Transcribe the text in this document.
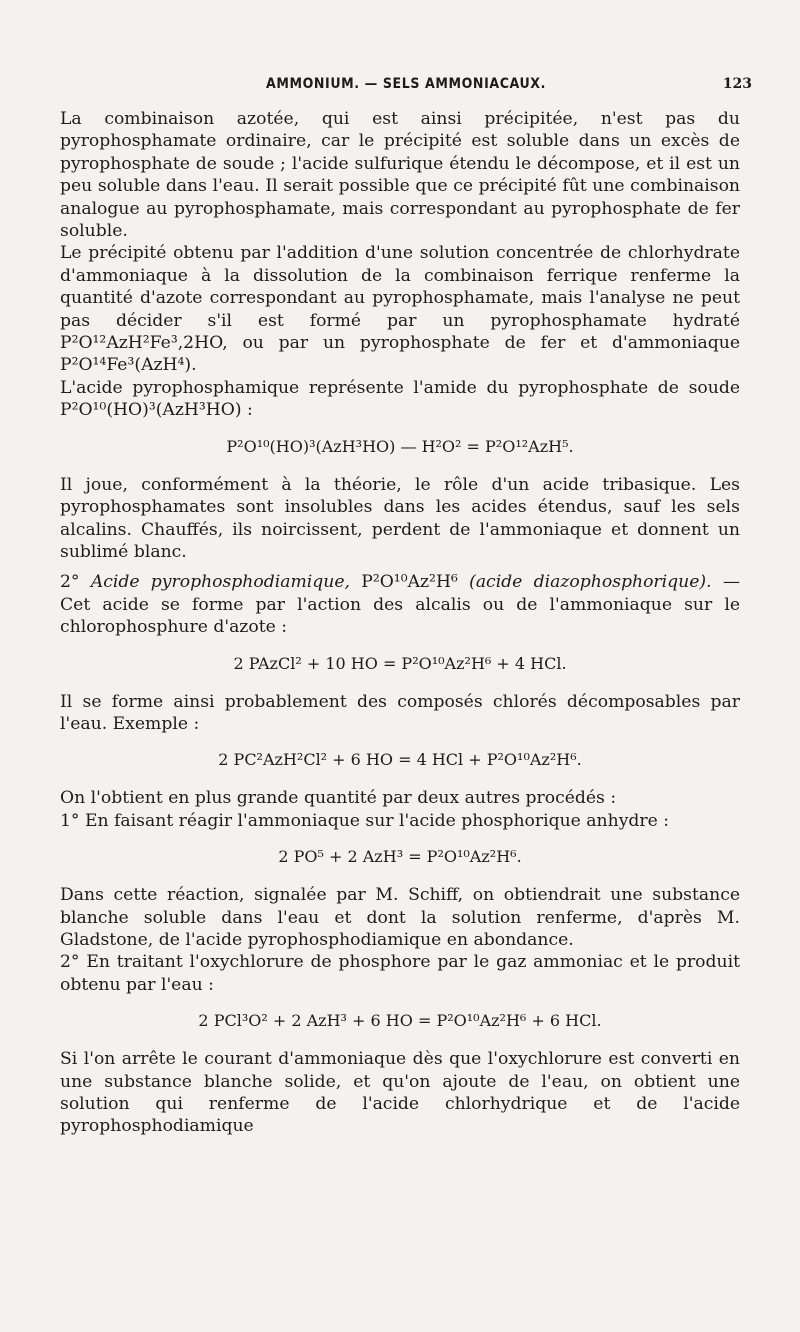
AMMONIUM. — SELS AMMONIACAUX.	123

La combinaison azotée, qui est ainsi précipitée, n'est pas du pyrophosphamate ordinaire, car le précipité est soluble dans un excès de pyrophosphate de soude ; l'acide sulfurique étendu le décompose, et il est un peu soluble dans l'eau. Il serait possible que ce précipité fût une combinaison analogue au pyrophosphamate, mais correspondant au pyrophosphate de fer soluble.

Le précipité obtenu par l'addition d'une solution concentrée de chlorhydrate d'ammoniaque à la dissolution de la combinaison ferrique renferme la quantité d'azote correspondant au pyrophosphamate, mais l'analyse ne peut pas décider s'il est formé par un pyrophosphamate hydraté P²O¹²AzH²Fe³,2HO, ou par un pyrophosphate de fer et d'ammoniaque P²O¹⁴Fe³(AzH⁴).

L'acide pyrophosphamique représente l'amide du pyrophosphate de soude P²O¹⁰(HO)³(AzH³HO) :

P²O¹⁰(HO)³(AzH³HO) — H²O² = P²O¹²AzH⁵.

Il joue, conformément à la théorie, le rôle d'un acide tribasique. Les pyrophosphamates sont insolubles dans les acides étendus, sauf les sels alcalins. Chauffés, ils noircissent, perdent de l'ammoniaque et donnent un sublimé blanc.

2° Acide pyrophosphodiamique, P²O¹⁰Az²H⁶ (acide diazophosphorique). — Cet acide se forme par l'action des alcalis ou de l'ammoniaque sur le chlorophosphure d'azote :

2 PAzCl² + 10 HO = P²O¹⁰Az²H⁶ + 4 HCl.

Il se forme ainsi probablement des composés chlorés décomposables par l'eau. Exemple :

2 PC²AzH²Cl² + 6 HO = 4 HCl + P²O¹⁰Az²H⁶.

On l'obtient en plus grande quantité par deux autres procédés :

1° En faisant réagir l'ammoniaque sur l'acide phosphorique anhydre :

2 PO⁵ + 2 AzH³ = P²O¹⁰Az²H⁶.

Dans cette réaction, signalée par M. Schiff, on obtiendrait une substance blanche soluble dans l'eau et dont la solution renferme, d'après M. Gladstone, de l'acide pyrophosphodiamique en abondance.

2° En traitant l'oxychlorure de phosphore par le gaz ammoniac et le produit obtenu par l'eau :

2 PCl³O² + 2 AzH³ + 6 HO = P²O¹⁰Az²H⁶ + 6 HCl.

Si l'on arrête le courant d'ammoniaque dès que l'oxychlorure est converti en une substance blanche solide, et qu'on ajoute de l'eau, on obtient une solution qui renferme de l'acide chlorhydrique et de l'acide pyrophosphodiamique
